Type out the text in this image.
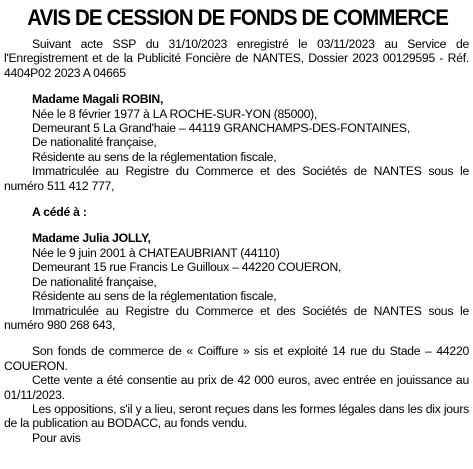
AVIS DE CESSION DE FONDS DE COMMERCE

Suivant acte SSP du 31/10/2023 enregistré le 03/11/2023 au Service de l'Enregistrement et de la Publicité Foncière de NANTES, Dossier 2023 00129595 - Réf. 4404P02 2023 A 04665

Madame Magali ROBIN,

Née le 8 février 1977 à LA ROCHE-SUR-YON (85000),

Demeurant 5 La Grand'haie – 44119 GRANCHAMPS-DES-FONTAINES,

De nationalité française,

Résidente au sens de la réglementation fiscale,

Immatriculée au Registre du Commerce et des Sociétés de NANTES sous le numéro 511 412 777,

A cédé à :

Madame Julia JOLLY,

Née le 9 juin 2001 à CHATEAUBRIANT (44110)

Demeurant 15 rue Francis Le Guilloux – 44220 COUERON,

De nationalité française,

Résidente au sens de la réglementation fiscale,

Immatriculée au Registre du Commerce et des Sociétés de NANTES sous le numéro 980 268 643,

Son fonds de commerce de « Coiffure » sis et exploité 14 rue du Stade – 44220 COUERON.

Cette vente a été consentie au prix de 42 000 euros, avec entrée en jouissance au 01/11/2023.

Les oppositions, s'il y a lieu, seront reçues dans les formes légales dans les dix jours de la publication au BODACC, au fonds vendu.

Pour avis
